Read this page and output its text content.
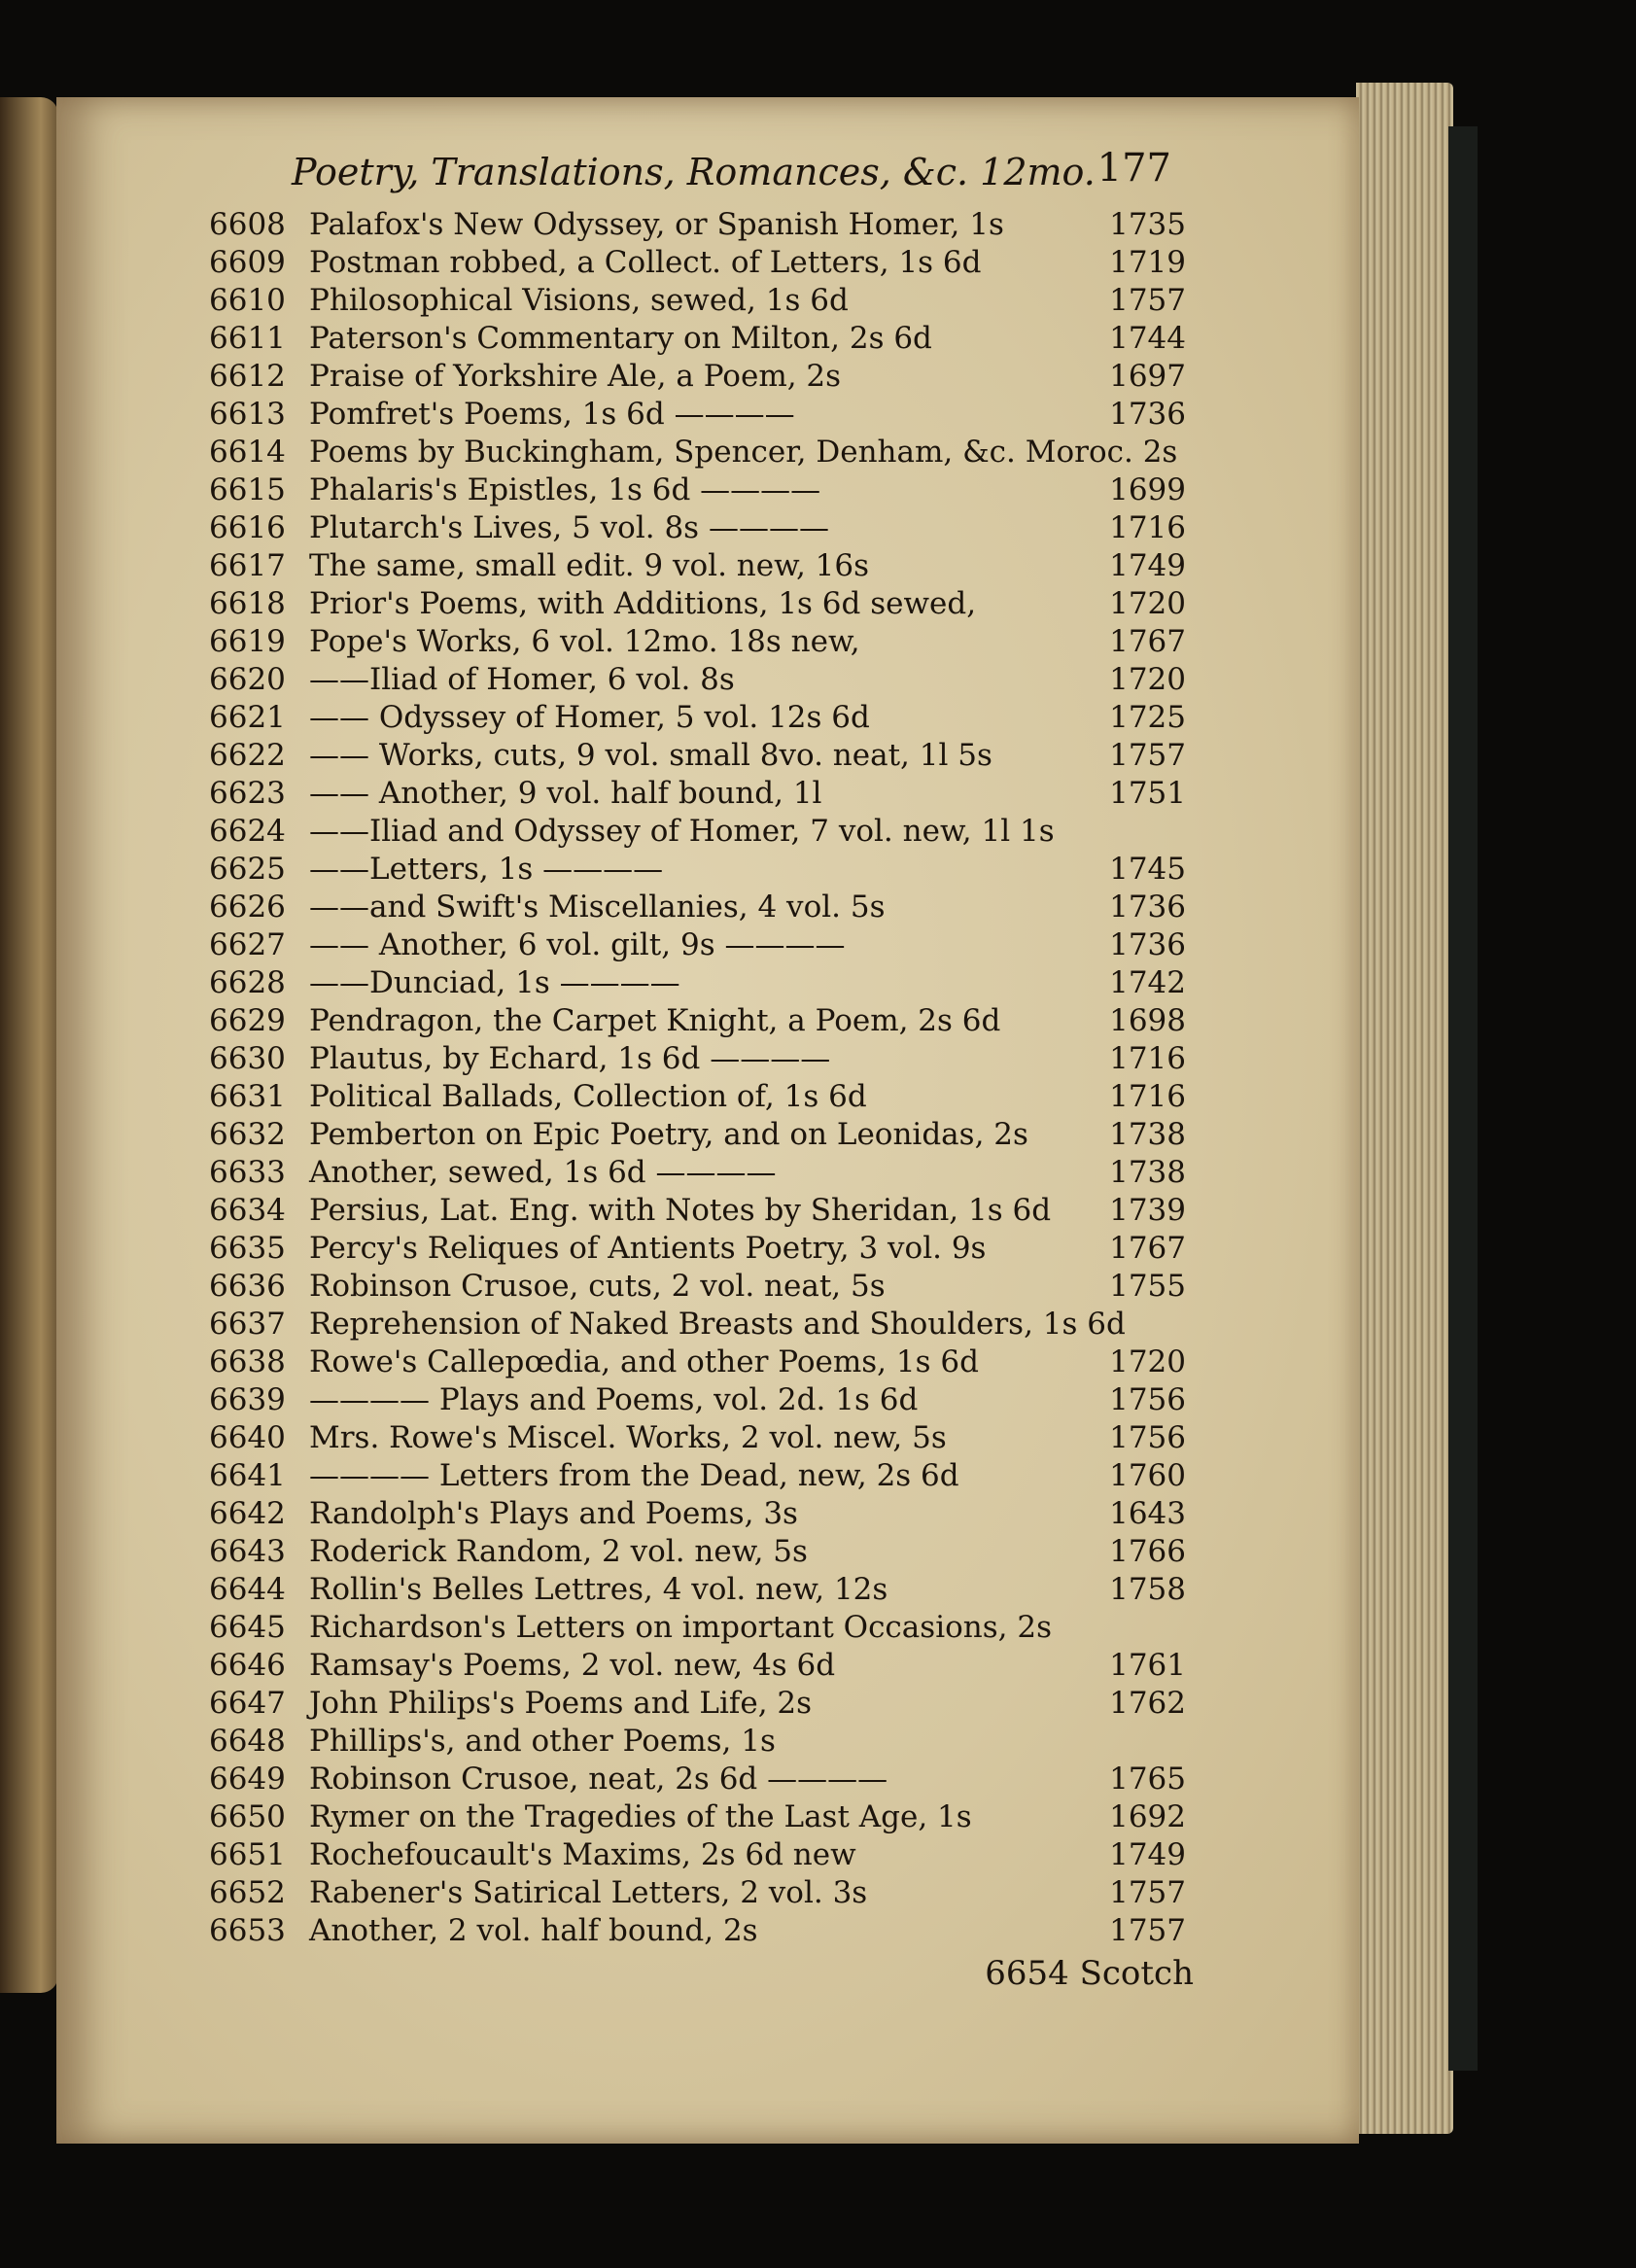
Poetry, Translations, Romances, &c. 12mo. 177
6608 Palafox's New Odyssey, or Spanish Homer, 1s	1735
6609 Postman robbed, a Collect. of Letters, 1s 6d	1719
6610 Philosophical Visions, sewed, 1s 6d	1757
6611 Paterson's Commentary on Milton, 2s 6d	1744
6612 Praise of Yorkshire Ale, a Poem, 2s	1697
6613 Pomfret's Poems, 1s 6d ————	1736
6614 Poems by Buckingham, Spencer, Denham, &c. Moroc. 2s
6615 Phalaris's Epistles, 1s 6d ————	1699
6616 Plutarch's Lives, 5 vol. 8s ————	1716
6617 The same, small edit. 9 vol. new, 16s	1749
6618 Prior's Poems, with Additions, 1s 6d sewed,	1720
6619 Pope's Works, 6 vol. 12mo. 18s new,	1767
6620 ——Iliad of Homer, 6 vol. 8s	1720
6621 —— Odyssey of Homer, 5 vol. 12s 6d	1725
6622 —— Works, cuts, 9 vol. small 8vo. neat, 1l 5s	1757
6623 —— Another, 9 vol. half bound, 1l	1751
6624 ——Iliad and Odyssey of Homer, 7 vol. new, 1l 1s
6625 ——Letters, 1s ————	1745
6626 ——and Swift's Miscellanies, 4 vol. 5s	1736
6627 —— Another, 6 vol. gilt, 9s ————	1736
6628 ——Dunciad, 1s ————	1742
6629 Pendragon, the Carpet Knight, a Poem, 2s 6d	1698
6630 Plautus, by Echard, 1s 6d ————	1716
6631 Political Ballads, Collection of, 1s 6d	1716
6632 Pemberton on Epic Poetry, and on Leonidas, 2s	1738
6633 Another, sewed, 1s 6d ————	1738
6634 Persius, Lat. Eng. with Notes by Sheridan, 1s 6d 1739
6635 Percy's Reliques of Antients Poetry, 3 vol. 9s	1767
6636 Robinson Crusoe, cuts, 2 vol. neat, 5s	1755
6637 Reprehension of Naked Breasts and Shoulders, 1s 6d
6638 Rowe's Callepœdia, and other Poems, 1s 6d	1720
6639 ———— Plays and Poems, vol. 2d. 1s 6d	1756
6640 Mrs. Rowe's Miscel. Works, 2 vol. new, 5s	1756
6641 ———— Letters from the Dead, new, 2s 6d	1760
6642 Randolph's Plays and Poems, 3s	1643
6643 Roderick Random, 2 vol. new, 5s	1766
6644 Rollin's Belles Lettres, 4 vol. new, 12s	1758
6645 Richardson's Letters on important Occasions, 2s
6646 Ramsay's Poems, 2 vol. new, 4s 6d	1761
6647 John Philips's Poems and Life, 2s	1762
6648 Phillips's, and other Poems, 1s
6649 Robinson Crusoe, neat, 2s 6d ————	1765
6650 Rymer on the Tragedies of the Last Age, 1s	1692
6651 Rochefoucault's Maxims, 2s 6d new	1749
6652 Rabener's Satirical Letters, 2 vol. 3s	1757
6653 Another, 2 vol. half bound, 2s	1757
6654 Scotch
